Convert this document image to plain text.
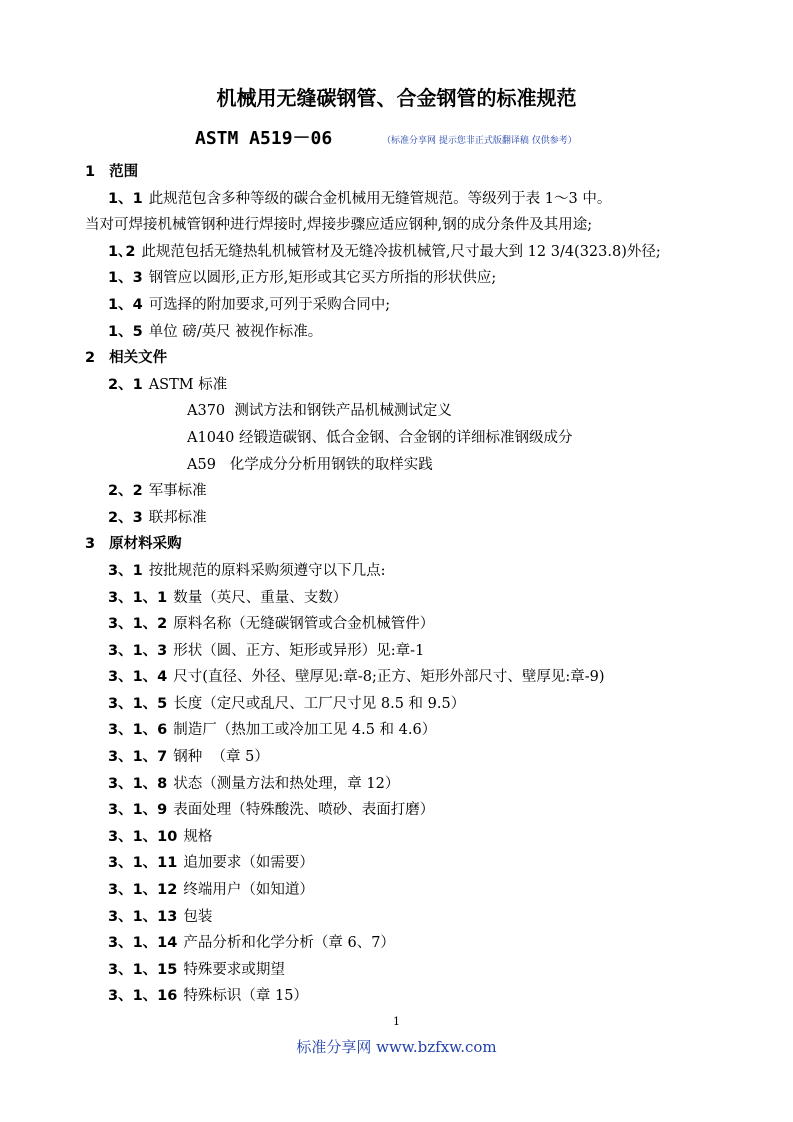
机械用无缝碳钢管、合金钢管的标准规范
ASTM A519－06	（标准分享网 提示您非正式版翻译稿 仅供参考）
1 范围
1、1 此规范包含多种等级的碳合金机械用无缝管规范。等级列于表 1～3 中。
当对可焊接机械管钢种进行焊接时,焊接步骤应适应钢种,钢的成分条件及其用途;
1､2 此规范包括无缝热轧机械管材及无缝冷拔机械管,尺寸最大到 12 3/4(323.8)外径;
1、3 钢管应以圆形,正方形,矩形或其它买方所指的形状供应;
1、4 可选择的附加要求,可列于采购合同中;
1、5 单位 磅/英尺 被视作标准。
2 相关文件
2、1 ASTM 标准
A370  测试方法和钢铁产品机械测试定义
A1040 经锻造碳钢、低合金钢、合金钢的详细标准钢级成分
A59   化学成分分析用钢铁的取样实践
2、2 军事标准
2、3 联邦标准
3 原材料采购
3、1 按批规范的原料采购须遵守以下几点:
3、1、1 数量（英尺、重量、支数）
3、1、2 原料名称（无缝碳钢管或合金机械管件）
3、1、3 形状（圆、正方、矩形或异形）见:章-1
3、1、4 尺寸(直径、外径、壁厚见:章-8;正方、矩形外部尺寸、壁厚见:章-9)
3、1、5 长度（定尺或乱尺、工厂尺寸见 8.5 和 9.5）
3、1、6 制造厂（热加工或冷加工见 4.5 和 4.6）
3、1、7 钢种  （章 5）
3、1、8 状态（测量方法和热处理，章 12）
3、1、9 表面处理（特殊酸洗、喷砂、表面打磨）
3、1、10 规格
3、1、11 追加要求（如需要）
3、1、12 终端用户（如知道）
3、1、13 包装
3、1、14 产品分析和化学分析（章 6、7）
3、1、15 特殊要求或期望
3、1、16 特殊标识（章 15）
1
标准分享网 www.bzfxw.com
